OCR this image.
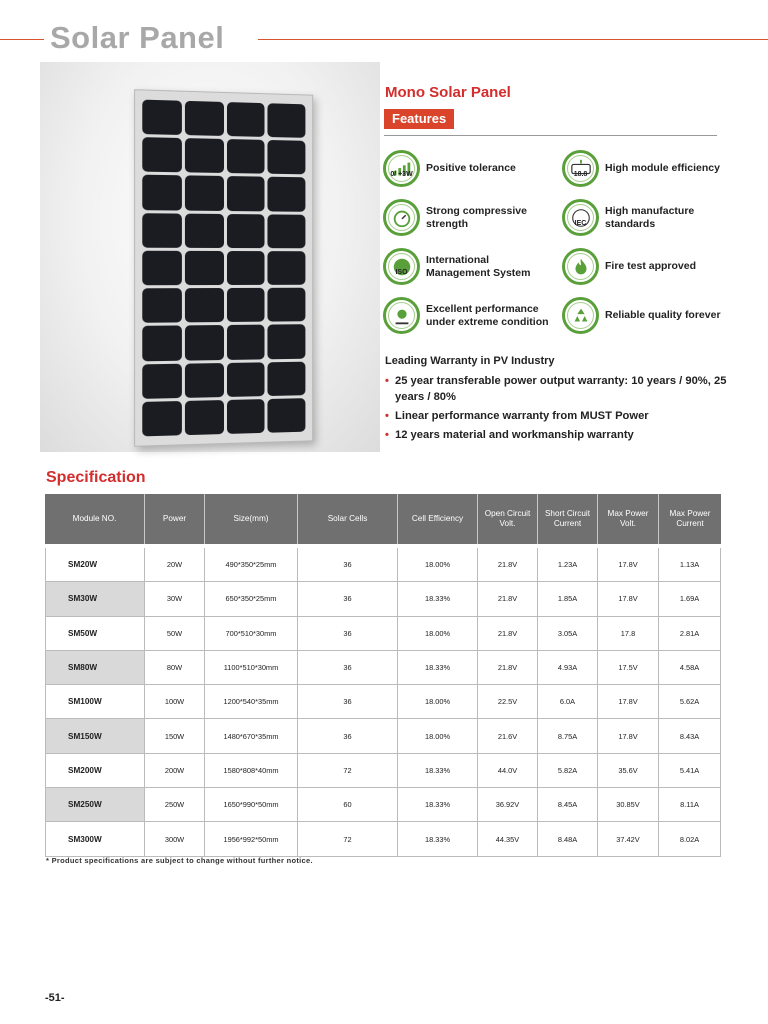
Solar Panel
Mono Solar Panel
Features
0/ +3W
Positive tolerance
18.8
High module efficiency
Strong compressive strength	IEC
High manufacture standards
ISO
International Management System
Fire test approved
Excellent performance under extreme condition
Reliable quality forever
Leading Warranty in PV Industry
• 25 year transferable power output warranty: 10 years / 90%, 25 years / 80%
• Linear performance warranty from MUST Power
• 12 years material and workmanship warranty
Specification
Module NO.	Power	Size(mm)	Solar Cells	Cell Efficiency	Open Circuit Volt.	Short Circuit Current	Max Power Volt.	Max Power Current

SM20W	20W	490*350*25mm	36	18.00%	21.8V	1.23A	17.8V	1.13A
SM30W	30W	650*350*25mm	36	18.33%	21.8V	1.85A	17.8V	1.69A
SM50W	50W	700*510*30mm	36	18.00%	21.8V	3.05A	17.8	2.81A
SM80W	80W	1100*510*30mm	36	18.33%	21.8V	4.93A	17.5V	4.58A
SM100W	100W	1200*540*35mm	36	18.00%	22.5V	6.0A	17.8V	5.62A
SM150W	150W	1480*670*35mm	36	18.00%	21.6V	8.75A	17.8V	8.43A
SM200W	200W	1580*808*40mm	72	18.33%	44.0V	5.82A	35.6V	5.41A
SM250W	250W	1650*990*50mm	60	18.33%	36.92V	8.45A	30.85V	8.11A
SM300W	300W	1956*992*50mm	72	18.33%	44.35V	8.48A	37.42V	8.02A
* Product specifications are subject to change without further notice.
-51-
